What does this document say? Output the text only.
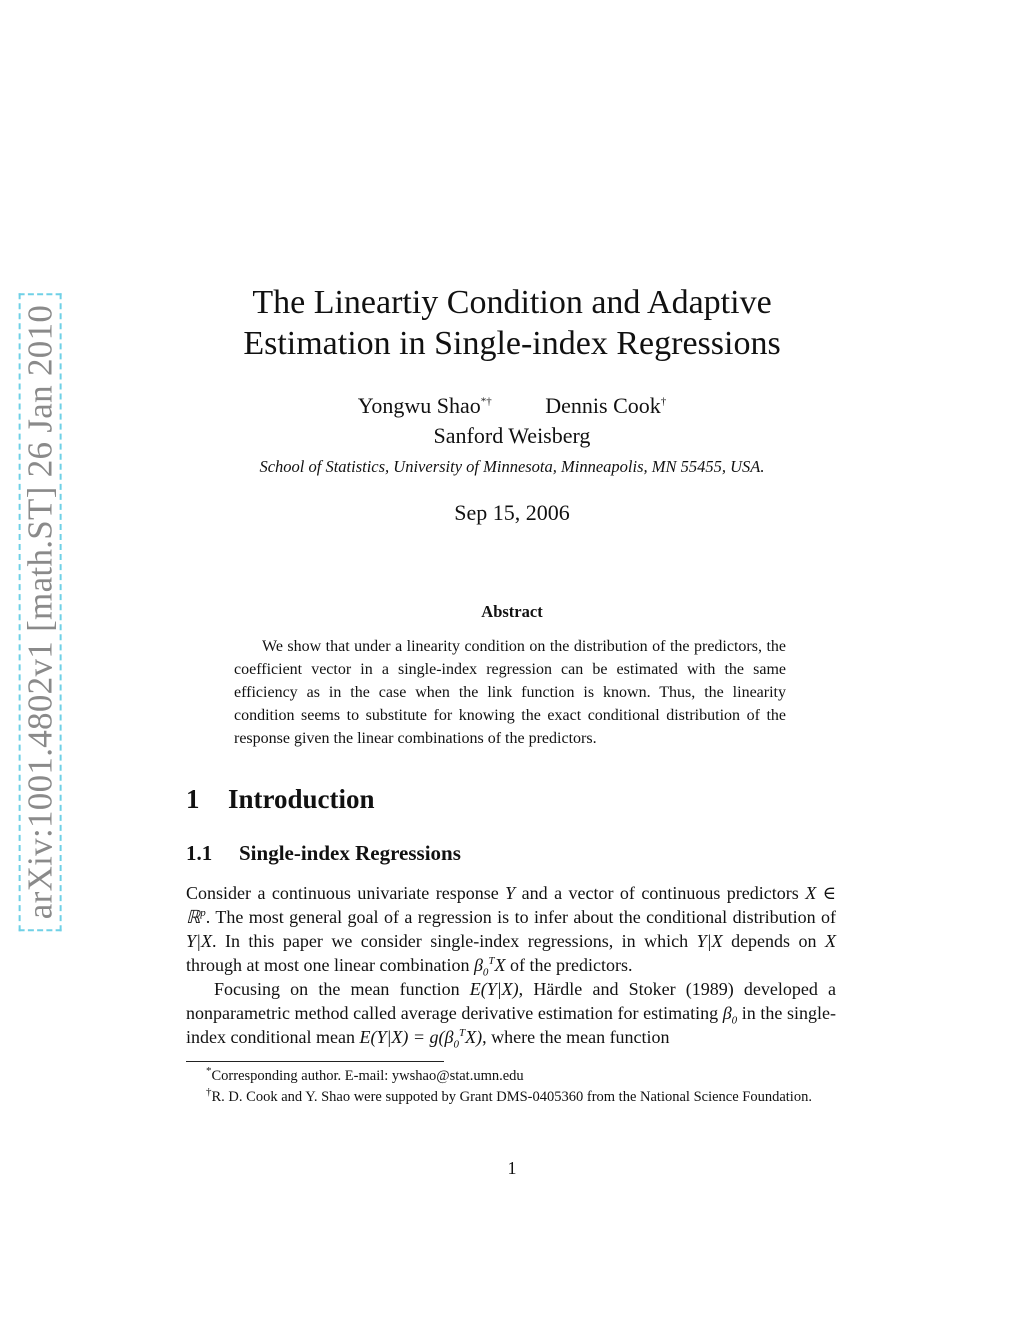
arXiv:1001.4802v1 [math.ST] 26 Jan 2010
The Lineartiy Condition and Adaptive
Estimation in Single-index Regressions
Yongwu Shao*† Dennis Cook†
Sanford Weisberg
School of Statistics, University of Minnesota, Minneapolis, MN 55455, USA.
Sep 15, 2006
Abstract
We show that under a linearity condition on the distribution of the predictors, the coefficient vector in a single-index regression can be estimated with the same efficiency as in the case when the link function is known. Thus, the linearity condition seems to substitute for knowing the exact conditional distribution of the response given the linear combinations of the predictors.
1 Introduction
1.1 Single-index Regressions

Consider a continuous univariate response Y and a vector of continuous predictors X ∈ ℝ$^p$. The most general goal of a regression is to infer about the conditional distribution of Y|X. In this paper we consider single-index regressions, in which Y|X depends on X through at most one linear combination $\beta_0^TX$ of the predictors.

Focusing on the mean function E(Y|X), Härdle and Stoker (1989) developed a nonparametric method called average derivative estimation for estimating $\beta_0$ in the single-index conditional mean $E(Y|X) = g(\beta_0^TX)$, where the mean function

*Corresponding author. E-mail: ywshao@stat.umn.edu

†R. D. Cook and Y. Shao were suppoted by Grant DMS-0405360 from the National Science Foundation.

1
